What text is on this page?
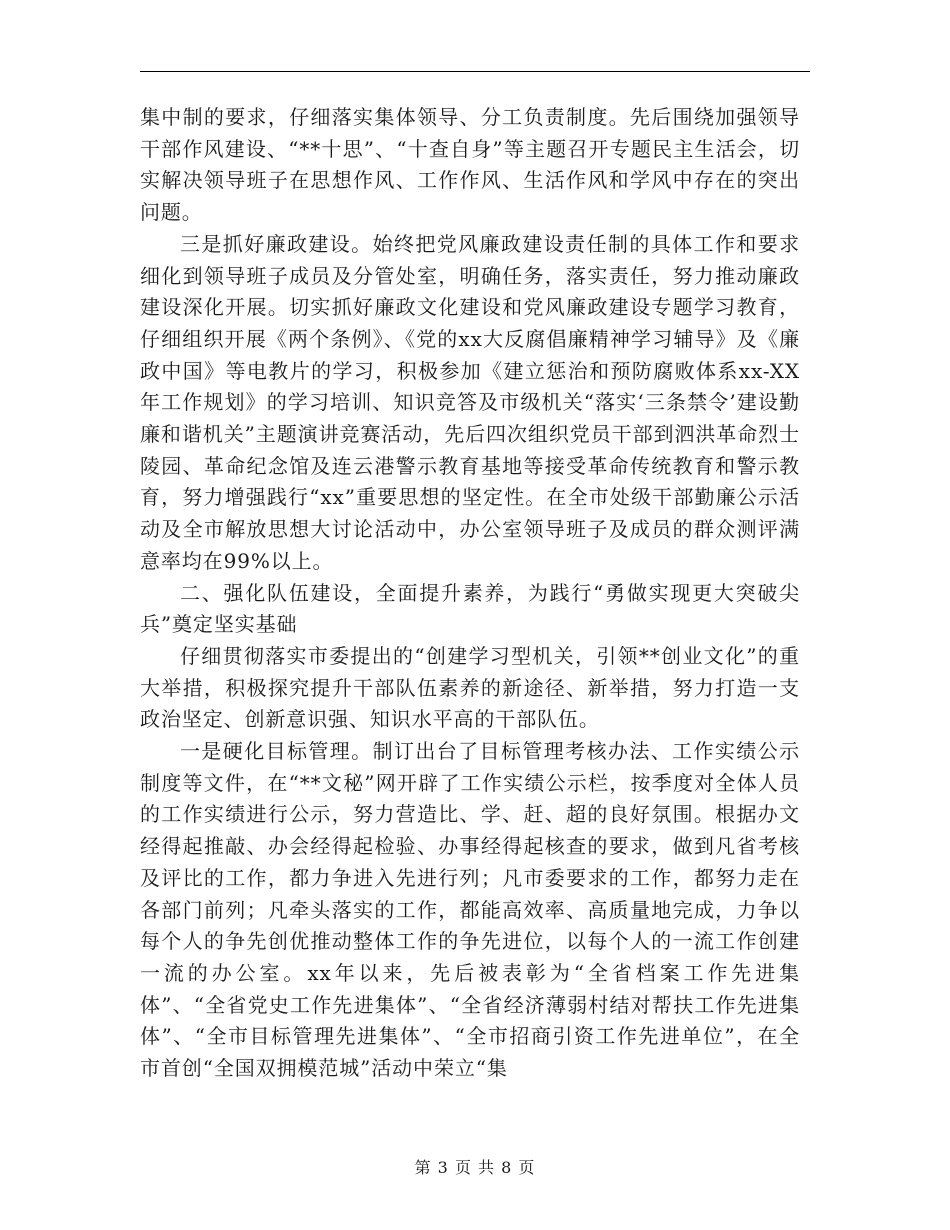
集中制的要求，仔细落实集体领导、分工负责制度。先后围绕加强领导干部作风建设、“**十思”、“十查自身”等主题召开专题民主生活会，切实解决领导班子在思想作风、工作作风、生活作风和学风中存在的突出问题。

三是抓好廉政建设。始终把党风廉政建设责任制的具体工作和要求细化到领导班子成员及分管处室，明确任务，落实责任，努力推动廉政建设深化开展。切实抓好廉政文化建设和党风廉政建设专题学习教育，仔细组织开展《两个条例》、《党的xx大反腐倡廉精神学习辅导》及《廉政中国》等电教片的学习，积极参加《建立惩治和预防腐败体系xx-XX年工作规划》的学习培训、知识竞答及市级机关“落实‘三条禁令’建设勤廉和谐机关”主题演讲竞赛活动，先后四次组织党员干部到泗洪革命烈士陵园、革命纪念馆及连云港警示教育基地等接受革命传统教育和警示教育，努力增强践行“xx”重要思想的坚定性。在全市处级干部勤廉公示活动及全市解放思想大讨论活动中，办公室领导班子及成员的群众测评满意率均在99%以上。

二、强化队伍建设，全面提升素养，为践行“勇做实现更大突破尖兵”奠定坚实基础

仔细贯彻落实市委提出的“创建学习型机关，引领**创业文化”的重大举措，积极探究提升干部队伍素养的新途径、新举措，努力打造一支政治坚定、创新意识强、知识水平高的干部队伍。

一是硬化目标管理。制订出台了目标管理考核办法、工作实绩公示制度等文件，在“**文秘”网开辟了工作实绩公示栏，按季度对全体人员的工作实绩进行公示，努力营造比、学、赶、超的良好氛围。根据办文经得起推敲、办会经得起检验、办事经得起核查的要求，做到凡省考核及评比的工作，都力争进入先进行列；凡市委要求的工作，都努力走在各部门前列；凡牵头落实的工作，都能高效率、高质量地完成，力争以每个人的争先创优推动整体工作的争先进位，以每个人的一流工作创建一流的办公室。xx年以来，先后被表彰为“全省档案工作先进集体”、“全省党史工作先进集体”、“全省经济薄弱村结对帮扶工作先进集体”、“全市目标管理先进集体”、“全市招商引资工作先进单位”，在全市首创“全国双拥模范城”活动中荣立“集

第 3 页 共 8 页
